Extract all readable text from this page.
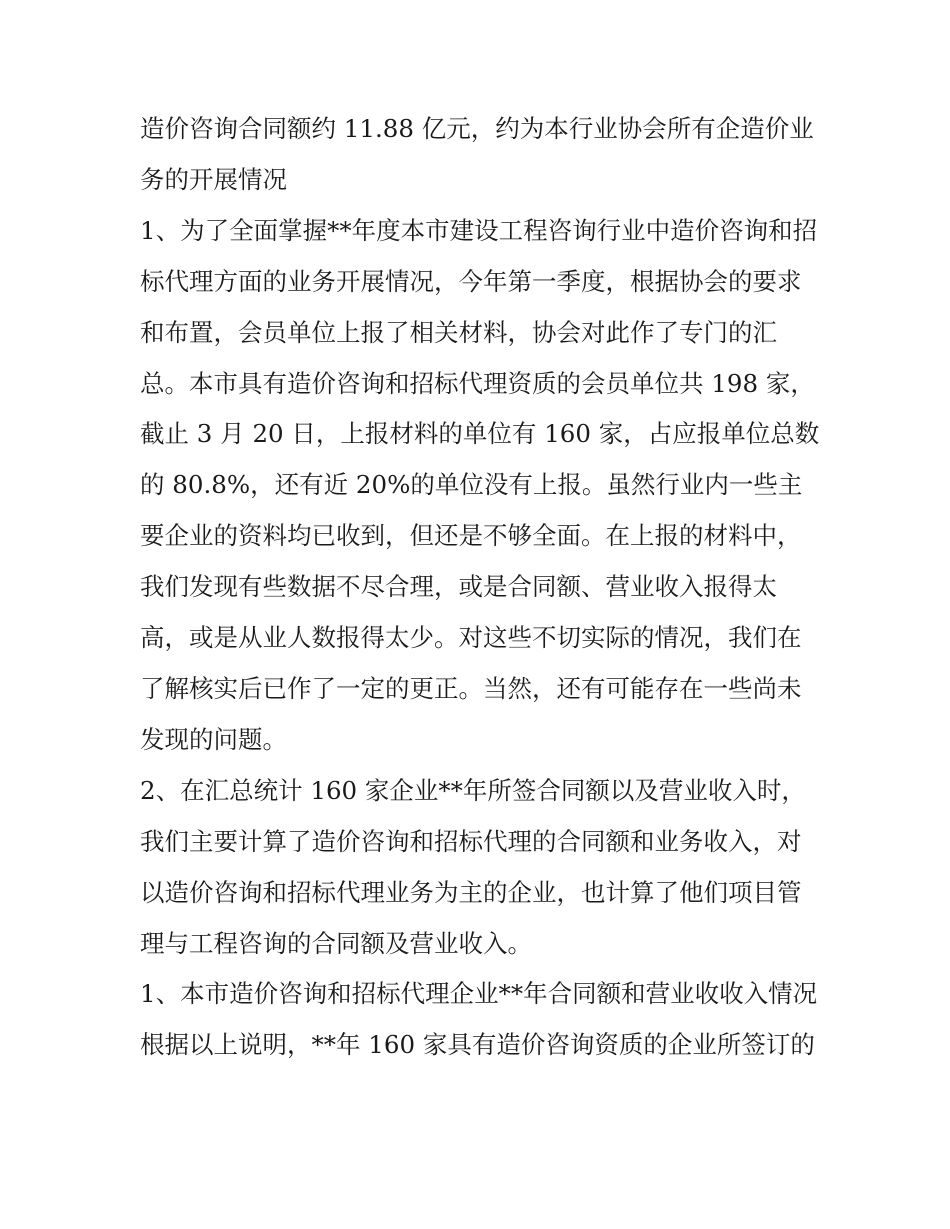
造价咨询合同额约 11.88 亿元，约为本行业协会所有企造价业务的开展情况

1、为了全面掌握**年度本市建设工程咨询行业中造价咨询和招标代理方面的业务开展情况，今年第一季度，根据协会的要求和布置，会员单位上报了相关材料，协会对此作了专门的汇总。本市具有造价咨询和招标代理资质的会员单位共 198 家，截止 3 月 20 日，上报材料的单位有 160 家，占应报单位总数的 80.8%，还有近 20%的单位没有上报。虽然行业内一些主要企业的资料均已收到，但还是不够全面。在上报的材料中，我们发现有些数据不尽合理，或是合同额、营业收入报得太高，或是从业人数报得太少。对这些不切实际的情况，我们在了解核实后已作了一定的更正。当然，还有可能存在一些尚未发现的问题。

2、在汇总统计 160 家企业**年所签合同额以及营业收入时，我们主要计算了造价咨询和招标代理的合同额和业务收入，对以造价咨询和招标代理业务为主的企业，也计算了他们项目管理与工程咨询的合同额及营业收入。

1、本市造价咨询和招标代理企业**年合同额和营业收收入情况

根据以上说明，**年 160 家具有造价咨询资质的企业所签订的
